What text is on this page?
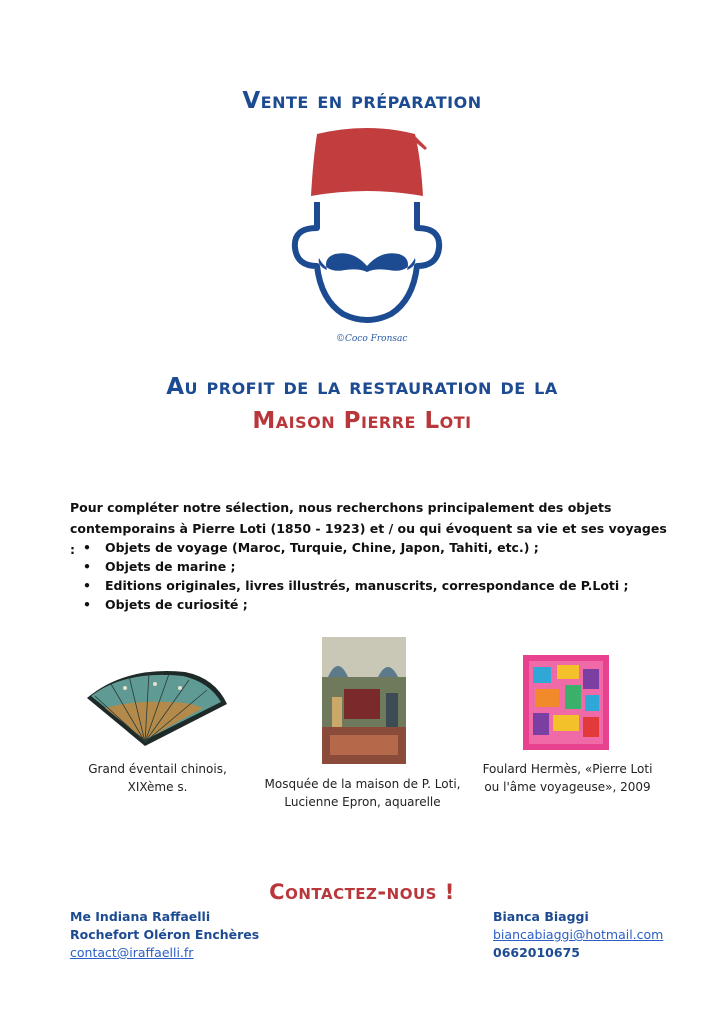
Vente en préparation
©Coco Fronsac
Au profit de la restauration de la
Maison Pierre Loti
Pour compléter notre sélection, nous recherchons principalement des objets contemporains à Pierre Loti (1850 - 1923) et / ou qui évoquent sa vie et ses voyages : • Objets de voyage (Maroc, Turquie, Chine, Japon, Tahiti, etc.) ;
• Objets de marine ;
• Editions originales, livres illustrés, manuscrits, correspondance de P.Loti ;
• Objets de curiosité ;
Grand éventail chinois,
XIXème s.	Mosquée de la maison de P. Loti,
Lucienne Epron, aquarelle
Foulard Hermès, «Pierre Loti
ou l'âme voyageuse», 2009
Contactez-nous !
Me Indiana Raffaelli
Rochefort Oléron Enchères
contact@iraffaelli.fr
Bianca Biaggi
biancabiaggi@hotmail.com
0662010675
